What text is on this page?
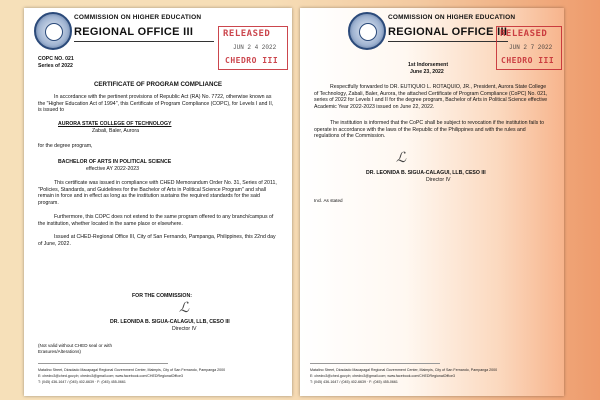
COMMISSION ON HIGHER EDUCATION
REGIONAL OFFICE III	RELEASED
JUN 2 4 2022
CHEDRO III
COPC NO. 021
Series of 2022
CERTIFICATE OF PROGRAM COMPLIANCE
In accordance with the pertinent provisions of Republic Act (RA) No. 7722, otherwise known as the "Higher Education Act of 1994", this Certificate of Program Compliance (COPC), for Levels I and II, is issued to
AURORA STATE COLLEGE OF TECHNOLOGY
Zabali, Baler, Aurora
for the degree program,
BACHELOR OF ARTS IN POLITICAL SCIENCE
effective AY 2022-2023
This certificate was issued in compliance with CHED Memorandum Order No. 31, Series of 2011, "Policies, Standards, and Guidelines for the Bachelor of Arts in Political Science Program" and shall remain in force and in effect as long as the institution sustains the required standards for the said program.
Furthermore, this COPC does not extend to the same program offered to any branch/campus of the institution, whether located in the same place or elsewhere.
Issued at CHED-Regional Office III, City of San Fernando, Pampanga, Philippines, this 22nd day of June, 2022.
FOR THE COMMISSION:
ℒ
DR. LEONIDA B. SIGUA-CALAGUI, LLB, CESO III
Director IV
(Not valid without CHED seal or with Erasures/Alterations)
Matalino Street, Diosdado Macapagal Regional Government Center, Maimpis, City of San Fernando, Pampanga 2000
E: chedro3@ched.gov.ph; chedro3@gmail.com; www.facebook.com/CHEDRegionalOffice3
T: (045) 436-1647 / (045) 402-6639 · F: (045) 455-0661
COMMISSION ON HIGHER EDUCATION
REGIONAL OFFICE III
RELEASED
JUN 2 7 2022
CHEDRO III
1st Indorsement
June 23, 2022
Respectfully forwarded to DR. EUTIQUIO L. ROTAQUIO, JR., President, Aurora State College of Technology, Zabali, Baler, Aurora, the attached Certificate of Program Compliance (CoPC) No. 021, series of 2022 for Levels I and II for the degree program, Bachelor of Arts in Political Science effective Academic Year 2022-2023 issued on June 22, 2022.
The institution is informed that the CoPC shall be subject to revocation if the institution fails to operate in accordance with the laws of the Republic of the Philippines and with the rules and regulations of the Commission.
ℒ
DR. LEONIDA B. SIGUA-CALAGUI, LLB, CESO III
Director IV
Incl. As stated
Matalino Street, Diosdado Macapagal Regional Government Center, Maimpis, City of San Fernando, Pampanga 2000
E: chedro3@ched.gov.ph; chedro3@gmail.com; www.facebook.com/CHEDRegionalOffice3
T: (045) 436-1647 / (045) 402-6639 · F: (045) 455-0661
